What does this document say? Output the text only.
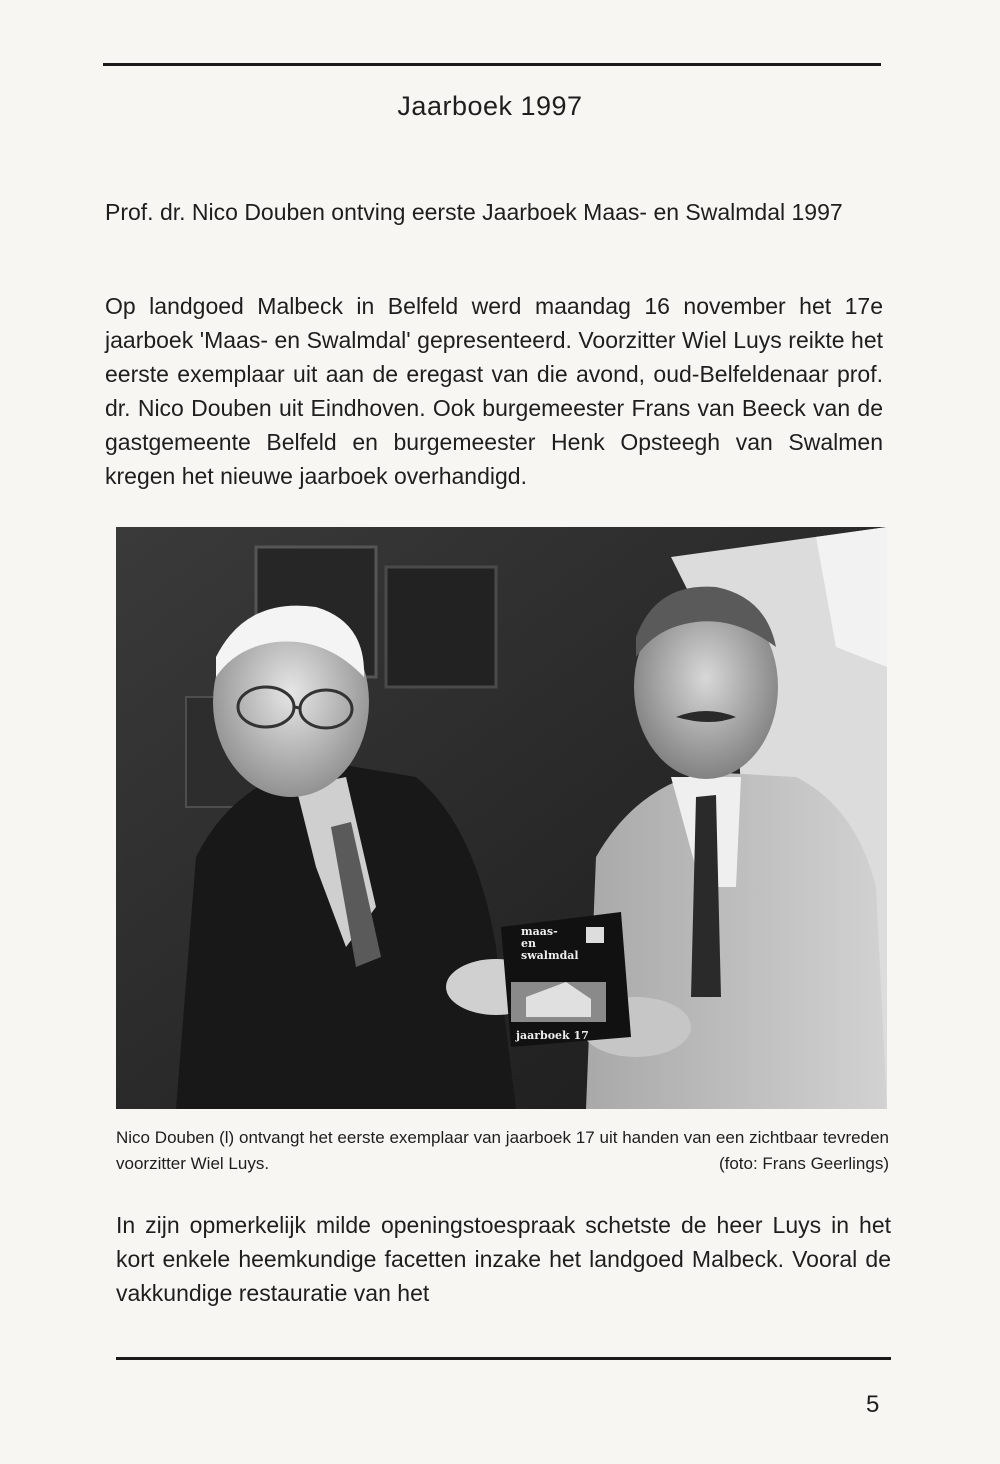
Jaarboek 1997
Prof. dr. Nico Douben ontving eerste Jaarboek Maas- en Swalmdal 1997
Op landgoed Malbeck in Belfeld werd maandag 16 november het 17e jaarboek 'Maas- en Swalmdal' gepresenteerd. Voorzitter Wiel Luys reikte het eerste exemplaar uit aan de eregast van die avond, oud-Belfeldenaar prof. dr. Nico Douben uit Eindhoven. Ook burgemeester Frans van Beeck van de gastgemeente Belfeld en burgemeester Henk Opsteegh van Swalmen kregen het nieuwe jaarboek overhandigd.
maas-
en
swalmdal
jaarboek 17

Nico Douben (l) ontvangt het eerste exemplaar van jaarboek 17 uit handen van een zichtbaar tevreden voorzitter Wiel Luys.	(foto: Frans Geerlings)

In zijn opmerkelijk milde openingstoespraak schetste de heer Luys in het kort enkele heemkundige facetten inzake het landgoed Malbeck. Vooral de vakkundige restauratie van het
5
